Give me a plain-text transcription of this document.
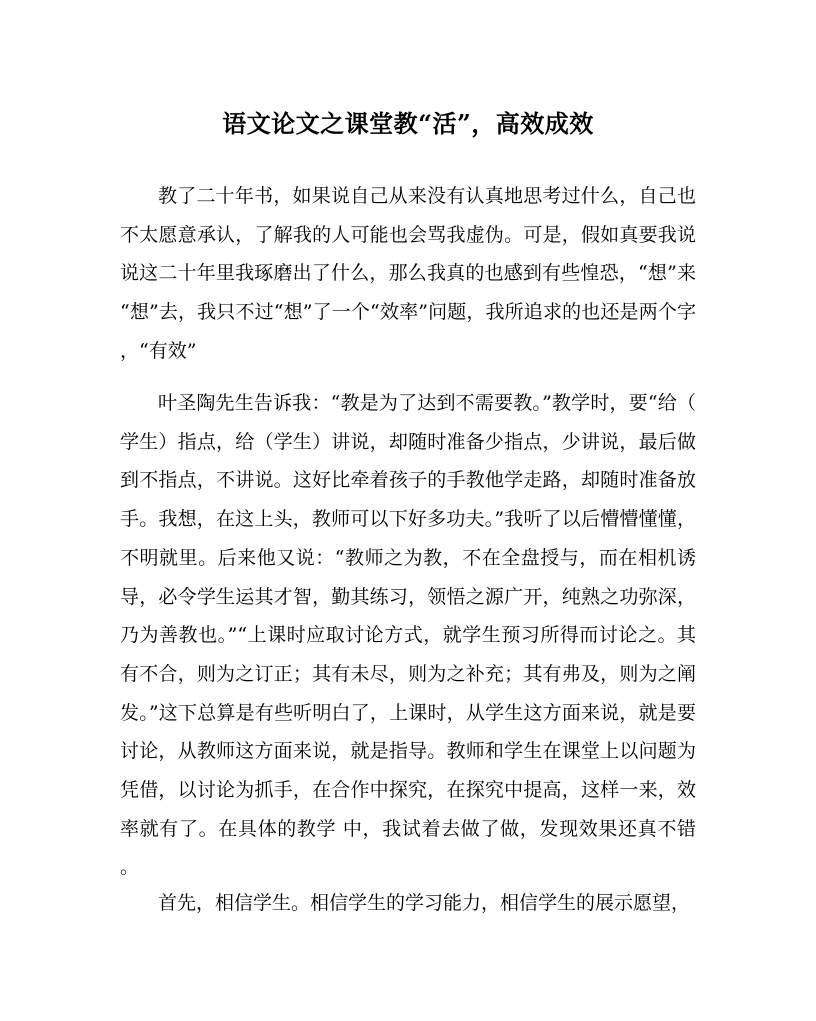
语文论文之课堂教“活”，高效成效

教了二十年书，如果说自己从来没有认真地思考过什么，自己也不太愿意承认，了解我的人可能也会骂我虚伪。可是，假如真要我说说这二十年里我琢磨出了什么，那么我真的也感到有些惶恐，“想”来“想”去，我只不过“想”了一个“效率”问题，我所追求的也还是两个字，“有效”

叶圣陶先生告诉我：“教是为了达到不需要教。”教学时，要“给（学生）指点，给（学生）讲说，却随时准备少指点，少讲说，最后做到不指点，不讲说。这好比牵着孩子的手教他学走路，却随时准备放手。我想，在这上头，教师可以下好多功夫。”我听了以后懵懵懂懂，不明就里。后来他又说：“教师之为教，不在全盘授与，而在相机诱导，必令学生运其才智，勤其练习，领悟之源广开，纯熟之功弥深，乃为善教也。”“上课时应取讨论方式，就学生预习所得而讨论之。其有不合，则为之订正；其有未尽，则为之补充；其有弗及，则为之阐发。”这下总算是有些听明白了，上课时，从学生这方面来说，就是要讨论，从教师这方面来说，就是指导。教师和学生在课堂上以问题为凭借，以讨论为抓手，在合作中探究，在探究中提高，这样一来，效率就有了。在具体的教学 中，我试着去做了做，发现效果还真不错。

首先，相信学生。相信学生的学习能力，相信学生的展示愿望，
